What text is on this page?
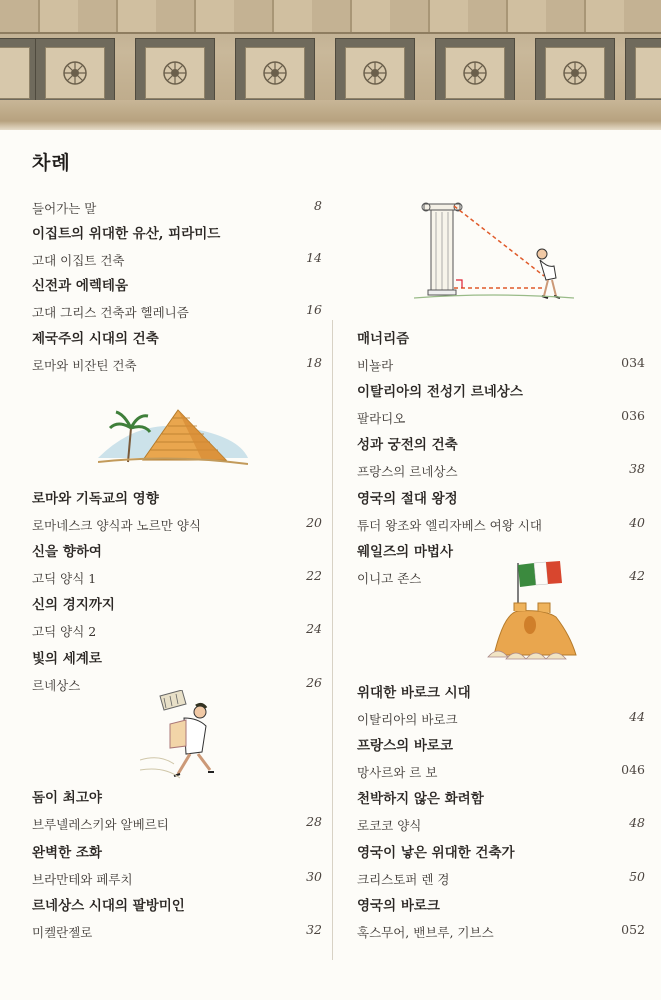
차례
들어가는 말	8
이집트의 위대한 유산, 피라미드
고대 이집트 건축	14
신전과 에렉테움
고대 그리스 건축과 헬레니즘	16
제국주의 시대의 건축
로마와 비잔틴 건축	18
로마와 기독교의 영향
로마네스크 양식과 노르만 양식	20
신을 향하여
고딕 양식 1	22
신의 경지까지
고딕 양식 2	24
빛의 세계로
르네상스	26
돔이 최고야
브루넬레스키와 알베르티	28
완벽한 조화
브라만테와 페루치	30
르네상스 시대의 팔방미인
미켈란젤로	32
매너리즘
비뇰라	034
이탈리아의 전성기 르네상스
팔라디오	036
성과 궁전의 건축
프랑스의 르네상스	38
영국의 절대 왕정
튜더 왕조와 엘리자베스 여왕 시대	40
웨일즈의 마법사
이니고 존스	42
위대한 바로크 시대
이탈리아의 바로크	44
프랑스의 바로코
망사르와 르 보	046
천박하지 않은 화려함
로코코 양식	48
영국이 낳은 위대한 건축가
크리스토퍼 렌 경	50
영국의 바로크
혹스무어, 밴브루, 기브스	052
